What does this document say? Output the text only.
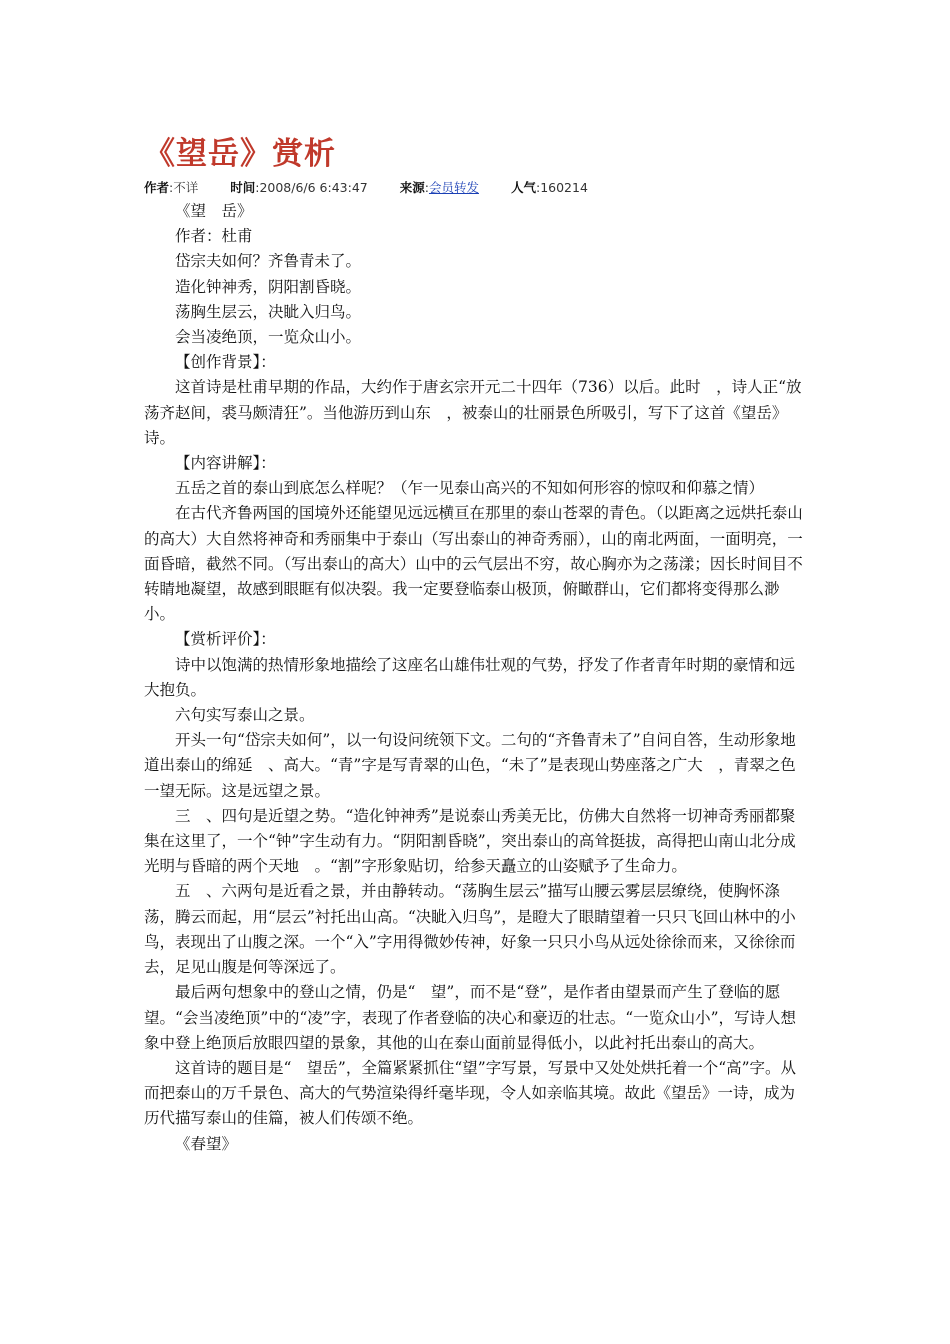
《望岳》赏析
作者:不详	时间:2008/6/6 6:43:47	来源:会员转发	人气:160214

《望　岳》

作者：杜甫

岱宗夫如何？齐鲁青未了。

造化钟神秀，阴阳割昏晓。

荡胸生层云，决眦入归鸟。

会当凌绝顶，一览众山小。

【创作背景】：

这首诗是杜甫早期的作品，大约作于唐玄宗开元二十四年（736）以后。此时　，诗人正“放荡齐赵间，裘马颇清狂”。当他游历到山东　，被泰山的壮丽景色所吸引，写下了这首《望岳》诗。

【内容讲解】：

五岳之首的泰山到底怎么样呢？（乍一见泰山高兴的不知如何形容的惊叹和仰慕之情）

在古代齐鲁两国的国境外还能望见远远横亘在那里的泰山苍翠的青色。（以距离之远烘托泰山的高大）大自然将神奇和秀丽集中于泰山（写出泰山的神奇秀丽），山的南北两面，一面明亮，一面昏暗，截然不同。（写出泰山的高大）山中的云气层出不穷，故心胸亦为之荡漾；因长时间目不转睛地凝望，故感到眼眶有似决裂。我一定要登临泰山极顶，俯瞰群山，它们都将变得那么渺小。

【赏析评价】：

诗中以饱满的热情形象地描绘了这座名山雄伟壮观的气势，抒发了作者青年时期的豪情和远大抱负。

六句实写泰山之景。

开头一句“岱宗夫如何”，以一句设问统领下文。二句的“齐鲁青未了”自问自答，生动形象地道出泰山的绵延　、高大。“青”字是写青翠的山色，“未了”是表现山势座落之广大　，青翠之色一望无际。这是远望之景。

三　、四句是近望之势。“造化钟神秀”是说泰山秀美无比，仿佛大自然将一切神奇秀丽都聚集在这里了，一个“钟”字生动有力。“阴阳割昏晓”，突出泰山的高耸挺拔，高得把山南山北分成光明与昏暗的两个天地　。“割”字形象贴切，给参天矗立的山姿赋予了生命力。

五　、六两句是近看之景，并由静转动。“荡胸生层云”描写山腰云雾层层缭绕，使胸怀涤荡，腾云而起，用“层云”衬托出山高。“决眦入归鸟”，是瞪大了眼睛望着一只只飞回山林中的小鸟，表现出了山腹之深。一个“入”字用得微妙传神，好象一只只小鸟从远处徐徐而来，又徐徐而去，足见山腹是何等深远了。

最后两句想象中的登山之情，仍是“　望”，而不是“登”，是作者由望景而产生了登临的愿望。“会当凌绝顶”中的“凌”字，表现了作者登临的决心和豪迈的壮志。“一览众山小”，写诗人想象中登上绝顶后放眼四望的景象，其他的山在泰山面前显得低小，以此衬托出泰山的高大。

这首诗的题目是“　望岳”，全篇紧紧抓住“望”字写景，写景中又处处烘托着一个“高”字。从而把泰山的万千景色、高大的气势渲染得纤毫毕现，令人如亲临其境。故此《望岳》一诗，成为历代描写泰山的佳篇，被人们传颂不绝。

《春望》
